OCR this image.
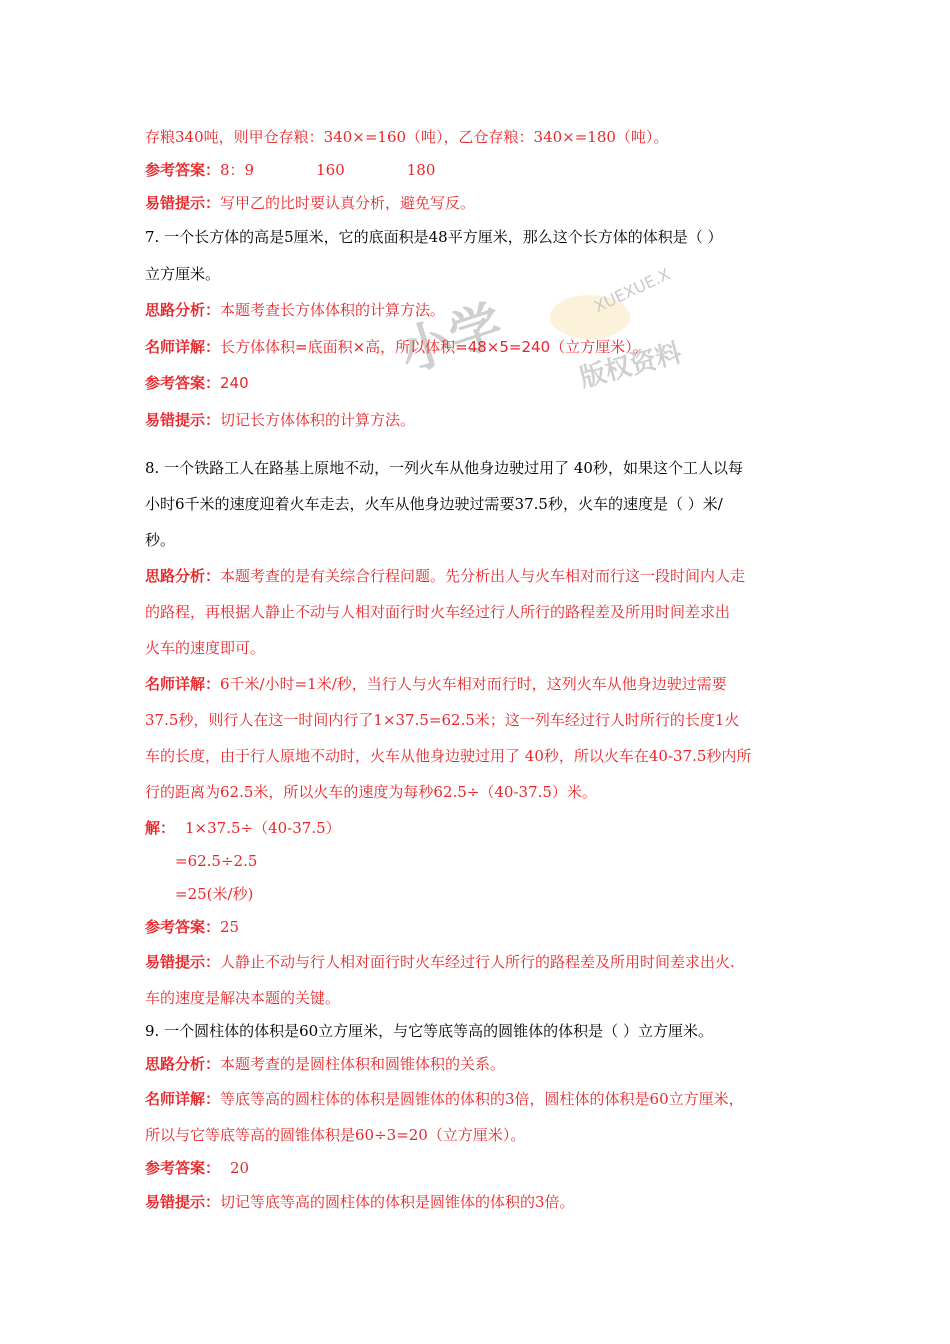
小学
XUEXUE.X
版权资料
存粮340吨，则甲仓存粮：340×=160（吨），乙仓存粮：340×=180（吨）。
参考答案：8：9	160	180
易错提示：写甲乙的比时要认真分析，避免写反。
7. 一个长方体的高是5厘米，它的底面积是48平方厘米，那么这个长方体的体积是（ ）
立方厘米。
思路分析：本题考查长方体体积的计算方法。
名师详解：长方体体积=底面积×高，所以体积=48×5=240（立方厘米）。
参考答案：240
易错提示：切记长方体体积的计算方法。
8. 一个铁路工人在路基上原地不动，一列火车从他身边驶过用了 40秒，如果这个工人以每
小时6千米的速度迎着火车走去，火车从他身边驶过需要37.5秒，火车的速度是（ ）米/
秒。
思路分析：本题考查的是有关综合行程问题。先分析出人与火车相对而行这一段时间内人走
的路程，再根据人静止不动与人相对面行时火车经过行人所行的路程差及所用时间差求出
火车的速度即可。
名师详解：6千米/小时=1米/秒，当行人与火车相对而行时，这列火车从他身边驶过需要
37.5秒，则行人在这一时间内行了1×37.5=62.5米；这一列车经过行人时所行的长度1火
车的长度，由于行人原地不动时，火车从他身边驶过用了 40秒，所以火车在40-37.5秒内所
行的距离为62.5米，所以火车的速度为每秒62.5÷（40-37.5）米。
解： 1×37.5÷（40-37.5）
=62.5÷2.5
=25(米/秒)
参考答案：25
易错提示：人静止不动与行人相对面行时火车经过行人所行的路程差及所用时间差求出火.
车的速度是解决本题的关键。
9. 一个圆柱体的体积是60立方厘米，与它等底等高的圆锥体的体积是（ ）立方厘米。
思路分析：本题考查的是圆柱体积和圆锥体积的关系。
名师详解：等底等高的圆柱体的体积是圆锥体的体积的3倍，圆柱体的体积是60立方厘米，
所以与它等底等高的圆锥体积是60÷3=20（立方厘米）。
参考答案： 20
易错提示：切记等底等高的圆柱体的体积是圆锥体的体积的3倍。
